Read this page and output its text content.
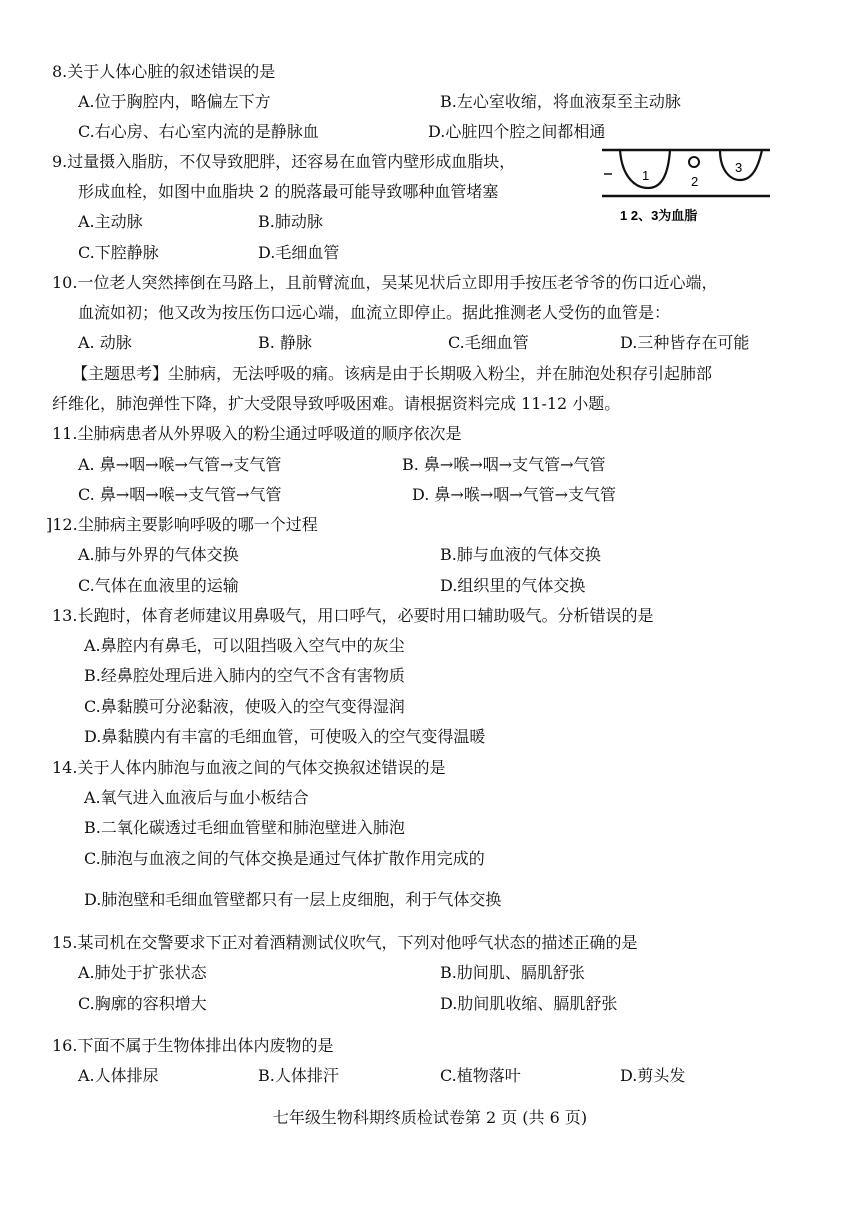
8.关于人体心脏的叙述错误的是
A.位于胸腔内，略偏左下方	B.左心室收缩，将血液泵至主动脉
C.右心房、右心室内流的是静脉血	D.心脏四个腔之间都相通
9.过量摄入脂肪，不仅导致肥胖，还容易在血管内壁形成血脂块，
形成血栓，如图中血脂块 2 的脱落最可能导致哪种血管堵塞
A.主动脉	B.肺动脉
C.下腔静脉	D.毛细血管
1	2
3
1 2、3为血脂
10.一位老人突然摔倒在马路上，且前臂流血，吴某见状后立即用手按压老爷爷的伤口近心端，
血流如初；他又改为按压伤口远心端，血流立即停止。据此推测老人受伤的血管是：
A. 动脉	B. 静脉	C.毛细血管	D.三种皆存在可能
【主题思考】尘肺病，无法呼吸的痛。该病是由于长期吸入粉尘，并在肺泡处积存引起肺部
纤维化，肺泡弹性下降，扩大受限导致呼吸困难。请根据资料完成 11-12 小题。
11.尘肺病患者从外界吸入的粉尘通过呼吸道的顺序依次是
A. 鼻→咽→喉→气管→支气管	B. 鼻→喉→咽→支气管→气管
C. 鼻→咽→喉→支气管→气管	D. 鼻→喉→咽→气管→支气管
]12.尘肺病主要影响呼吸的哪一个过程
A.肺与外界的气体交换	B.肺与血液的气体交换
C.气体在血液里的运输	D.组织里的气体交换
13.长跑时，体育老师建议用鼻吸气，用口呼气，必要时用口辅助吸气。分析错误的是
A.鼻腔内有鼻毛，可以阻挡吸入空气中的灰尘
B.经鼻腔处理后进入肺内的空气不含有害物质
C.鼻黏膜可分泌黏液，使吸入的空气变得湿润
D.鼻黏膜内有丰富的毛细血管，可使吸入的空气变得温暖
14.关于人体内肺泡与血液之间的气体交换叙述错误的是
A.氧气进入血液后与血小板结合
B.二氧化碳透过毛细血管壁和肺泡壁进入肺泡
C.肺泡与血液之间的气体交换是通过气体扩散作用完成的
D.肺泡壁和毛细血管壁都只有一层上皮细胞，利于气体交换
15.某司机在交警要求下正对着酒精测试仪吹气，下列对他呼气状态的描述正确的是
A.肺处于扩张状态	B.肋间肌、膈肌舒张
C.胸廓的容积增大	D.肋间肌收缩、膈肌舒张
16.下面不属于生物体排出体内废物的是
A.人体排尿	B.人体排汗	C.植物落叶	D.剪头发
七年级生物科期终质检试卷第 2 页 (共 6 页)
